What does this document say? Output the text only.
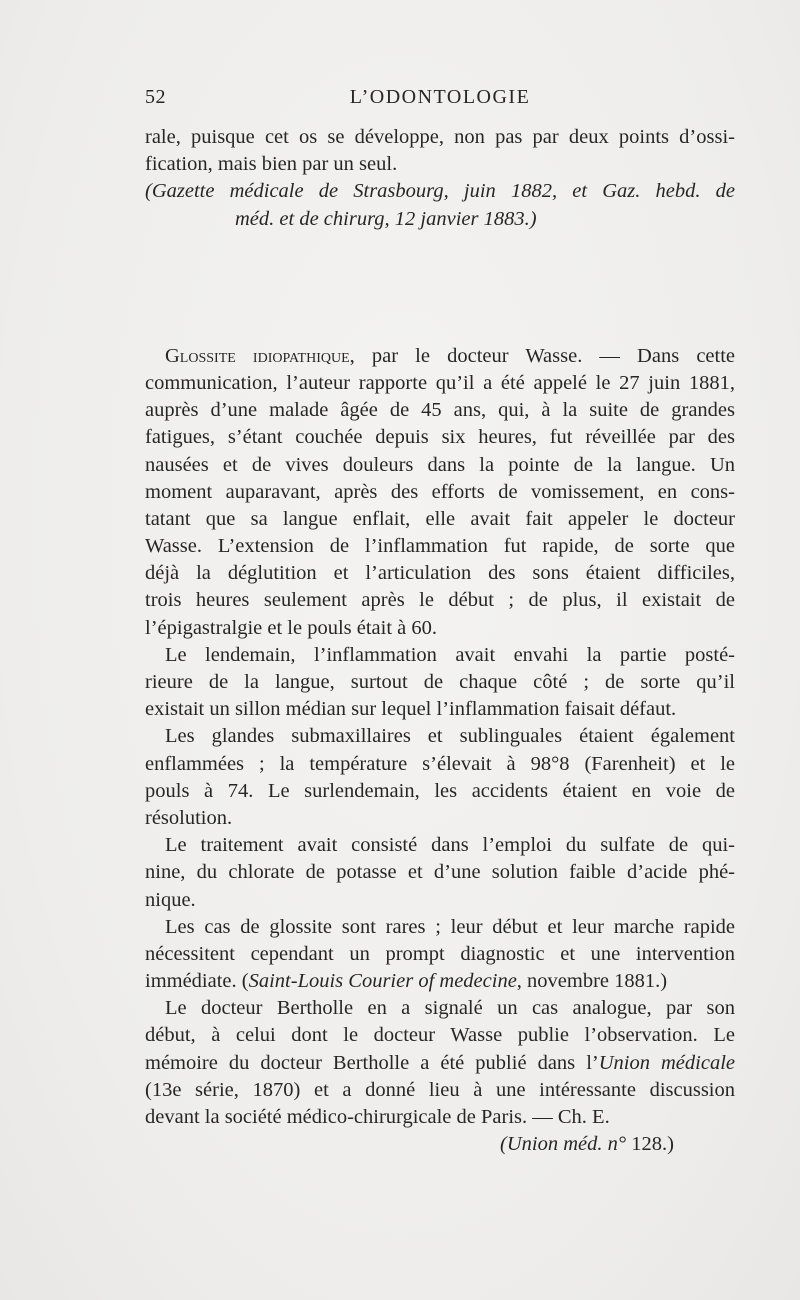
52	L’ODONTOLOGIE
rale, puisque cet os se développe, non pas par deux points d’ossi-
fication, mais bien par un seul.
(Gazette médicale de Strasbourg, juin 1882, et Gaz. hebd. de
méd. et de chirurg, 12 janvier 1883.)
Glossite idiopathique, par le docteur Wasse. — Dans cette
communication, l’auteur rapporte qu’il a été appelé le 27 juin 1881,
auprès d’une malade âgée de 45 ans, qui, à la suite de grandes
fatigues, s’étant couchée depuis six heures, fut réveillée par des
nausées et de vives douleurs dans la pointe de la langue. Un
moment auparavant, après des efforts de vomissement, en cons-
tatant que sa langue enflait, elle avait fait appeler le docteur
Wasse. L’extension de l’inflammation fut rapide, de sorte que
déjà la déglutition et l’articulation des sons étaient difficiles,
trois heures seulement après le début ; de plus, il existait de
l’épigastralgie et le pouls était à 60.
Le lendemain, l’inflammation avait envahi la partie posté-
rieure de la langue, surtout de chaque côté ; de sorte qu’il
existait un sillon médian sur lequel l’inflammation faisait défaut.
Les glandes submaxillaires et sublinguales étaient également
enflammées ; la température s’élevait à 98°8 (Farenheit) et le
pouls à 74. Le surlendemain, les accidents étaient en voie de
résolution.
Le traitement avait consisté dans l’emploi du sulfate de qui-
nine, du chlorate de potasse et d’une solution faible d’acide phé-
nique.
Les cas de glossite sont rares ; leur début et leur marche rapide
nécessitent cependant un prompt diagnostic et une intervention
immédiate. (Saint-Louis Courier of medecine, novembre 1881.)
Le docteur Bertholle en a signalé un cas analogue, par son
début, à celui dont le docteur Wasse publie l’observation. Le
mémoire du docteur Bertholle a été publié dans l’Union médicale
(13e série, 1870) et a donné lieu à une intéressante discussion
devant la société médico-chirurgicale de Paris. — Ch. E.
(Union méd. n° 128.)
